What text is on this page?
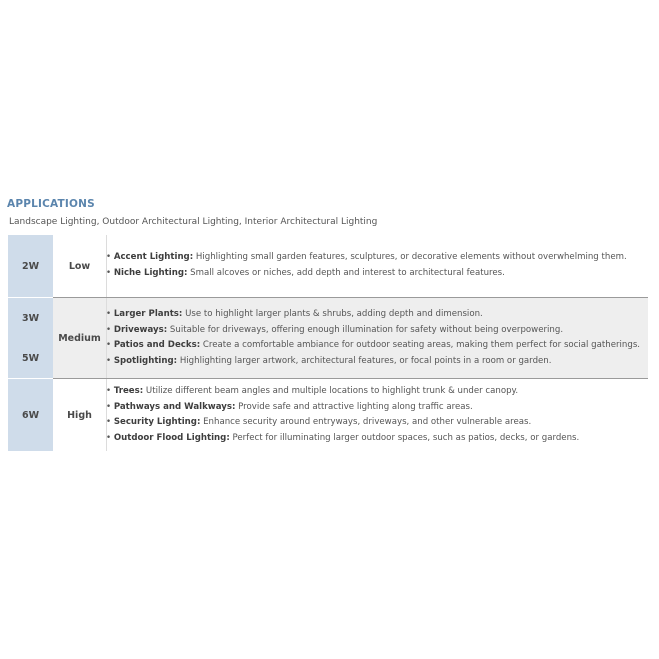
APPLICATIONS
Landscape Lighting, Outdoor Architectural Lighting, Interior Architectural Lighting
2W	Low
3W
5W
Medium
6W	High
• Accent Lighting: Highlighting small garden features, sculptures, or decorative elements without overwhelming them.
• Niche Lighting: Small alcoves or niches, add depth and interest to architectural features.
• Larger Plants: Use to highlight larger plants & shrubs, adding depth and dimension.
• Driveways: Suitable for driveways, offering enough illumination for safety without being overpowering.
• Patios and Decks: Create a comfortable ambiance for outdoor seating areas, making them perfect for social gatherings.
• Spotlighting: Highlighting larger artwork, architectural features, or focal points in a room or garden.
• Trees: Utilize different beam angles and multiple locations to highlight trunk & under canopy.
• Pathways and Walkways: Provide safe and attractive lighting along traffic areas.
• Security Lighting: Enhance security around entryways, driveways, and other vulnerable areas.
• Outdoor Flood Lighting: Perfect for illuminating larger outdoor spaces, such as patios, decks, or gardens.
